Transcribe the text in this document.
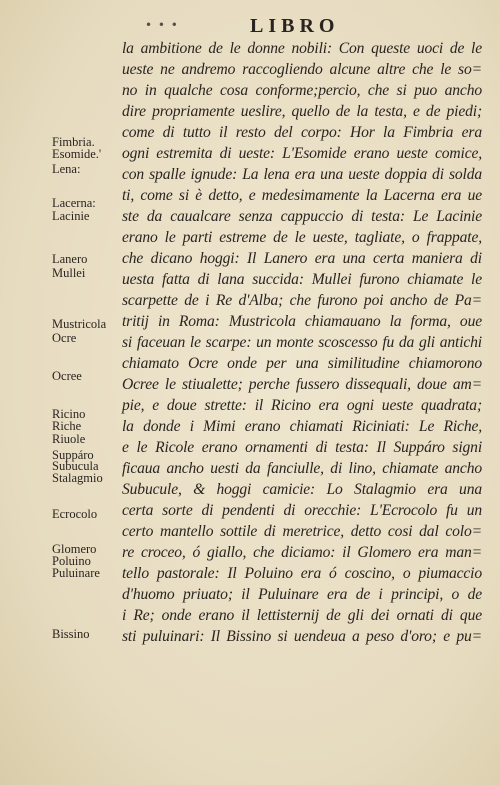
• • •	LIBRO
Fimbria.
Esomide.'
Lena:
Lacerna:
Lacinie
Lanero
Mullei
Mustricola
Ocre
Ocree
Ricino
Riche
Riuole
Suppáro
Subucula
Stalagmio
Ecrocolo
Glomero
Poluino
Puluinare
Bissino
la ambitione de le donne nobili: Con queste uoci de le
ueste ne andremo raccogliendo alcune altre che le so=
no in qualche cosa conforme;percio, che si puo ancho
dire propriamente ueslire, quello de la testa, e de piedi;
come di tutto il resto del corpo: Hor la Fimbria era
ogni estremita di ueste: L'Esomide erano ueste comice,
con spalle ignude: La lena era una ueste doppia di solda
ti, come si è detto, e medesimamente la Lacerna era ue
ste da caualcare senza cappuccio di testa: Le Lacinie
erano le parti estreme de le ueste, tagliate, o frappate,
che dicano hoggi: Il Lanero era una certa maniera di
uesta fatta di lana succida: Mullei furono chiamate le
scarpette de i Re d'Alba; che furono poi ancho de Pa=
tritij in Roma: Mustricola chiamauano la forma, oue
si faceuan le scarpe: un monte scoscesso fu da gli antichi
chiamato Ocre onde per una similitudine chiamorono
Ocree le stiualette; perche fussero dissequali, doue am=
pie, e doue strette: il Ricino era ogni ueste quadrata;
la donde i Mimi erano chiamati Riciniati: Le Riche,
e le Ricole erano ornamenti di testa: Il Suppáro signi
ficaua ancho uesti da fanciulle, di lino, chiamate ancho
Subucule, & hoggi camicie: Lo Stalagmio era una
certa sorte di pendenti di orecchie: L'Ecrocolo fu un
certo mantello sottile di meretrice, detto cosi dal colo=
re croceo, ó giallo, che diciamo: il Glomero era man=
tello pastorale: Il Poluino era ó coscino, o piumaccio
d'huomo priuato; il Puluinare era de i principi, o de
i Re; onde erano il lettisternij de gli dei ornati di que
sti puluinari: Il Bissino si uendeua a peso d'oro; e pu=
